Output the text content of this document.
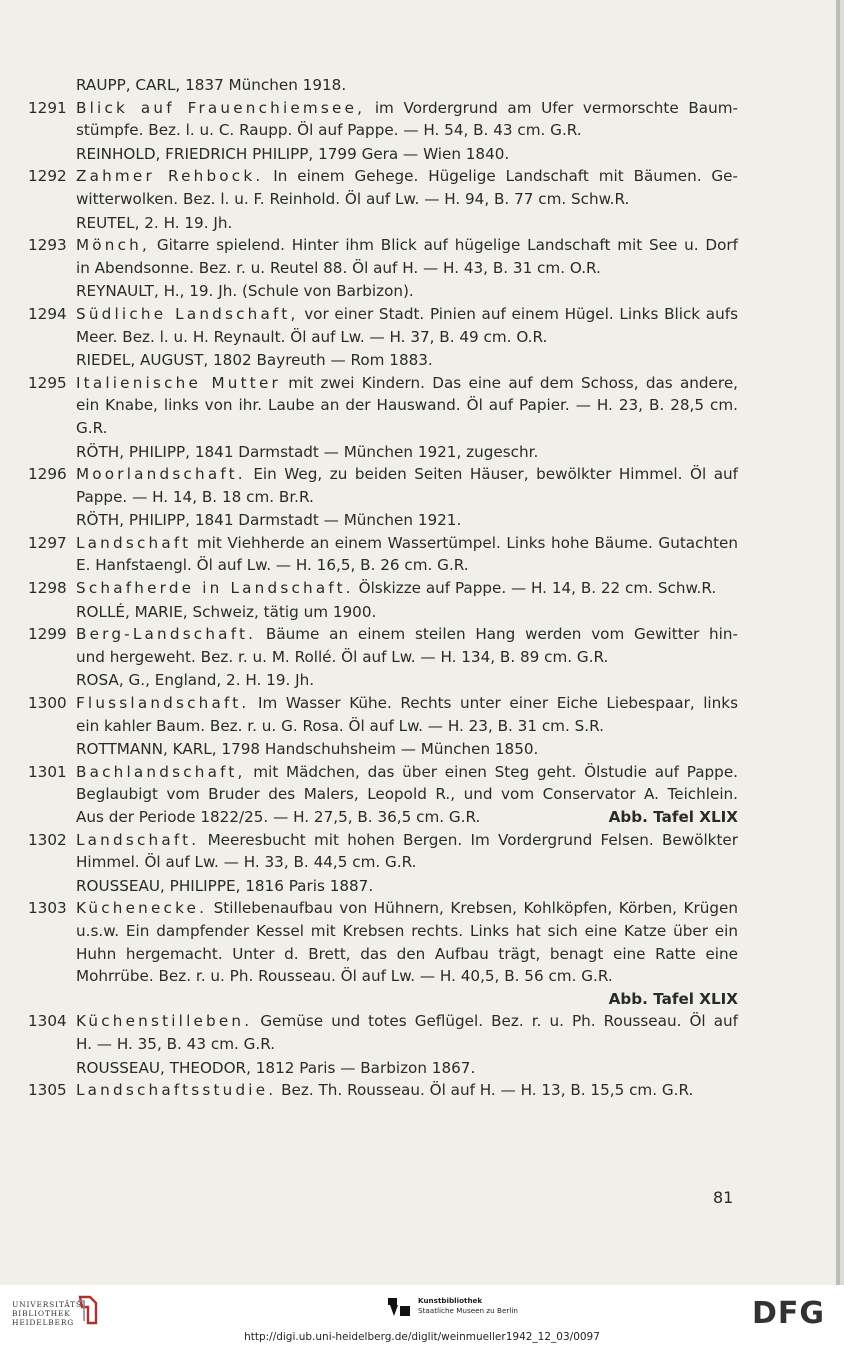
RAUPP, CARL, 1837 München 1918.
1291 Blick auf Frauenchiemsee, im Vordergrund am Ufer vermorschte Baum-
stümpfe. Bez. l. u. C. Raupp. Öl auf Pappe. — H. 54, B. 43 cm. G.R.
REINHOLD, FRIEDRICH PHILIPP, 1799 Gera — Wien 1840.
1292 Zahmer Rehbock. In einem Gehege. Hügelige Landschaft mit Bäumen. Ge-
witterwolken. Bez. l. u. F. Reinhold. Öl auf Lw. — H. 94, B. 77 cm. Schw.R.
REUTEL, 2. H. 19. Jh.
1293 Mönch, Gitarre spielend. Hinter ihm Blick auf hügelige Landschaft mit See u. Dorf
in Abendsonne. Bez. r. u. Reutel 88. Öl auf H. — H. 43, B. 31 cm. O.R.
REYNAULT, H., 19. Jh. (Schule von Barbizon).
1294 Südliche Landschaft, vor einer Stadt. Pinien auf einem Hügel. Links Blick aufs
Meer. Bez. l. u. H. Reynault. Öl auf Lw. — H. 37, B. 49 cm. O.R.
RIEDEL, AUGUST, 1802 Bayreuth — Rom 1883.
1295 Italienische Mutter mit zwei Kindern. Das eine auf dem Schoss, das andere,
ein Knabe, links von ihr. Laube an der Hauswand. Öl auf Papier. — H. 23, B. 28,5 cm.
G.R.
RÖTH, PHILIPP, 1841 Darmstadt — München 1921, zugeschr.
1296 Moorlandschaft. Ein Weg, zu beiden Seiten Häuser, bewölkter Himmel. Öl auf
Pappe. — H. 14, B. 18 cm. Br.R.
RÖTH, PHILIPP, 1841 Darmstadt — München 1921.
1297 Landschaft mit Viehherde an einem Wassertümpel. Links hohe Bäume. Gutachten
E. Hanfstaengl. Öl auf Lw. — H. 16,5, B. 26 cm. G.R.
1298 Schafherde in Landschaft. Ölskizze auf Pappe. — H. 14, B. 22 cm. Schw.R.
ROLLÉ, MARIE, Schweiz, tätig um 1900.
1299 Berg-Landschaft. Bäume an einem steilen Hang werden vom Gewitter hin-
und hergeweht. Bez. r. u. M. Rollé. Öl auf Lw. — H. 134, B. 89 cm. G.R.
ROSA, G., England, 2. H. 19. Jh.
1300 Flusslandschaft. Im Wasser Kühe. Rechts unter einer Eiche Liebespaar, links
ein kahler Baum. Bez. r. u. G. Rosa. Öl auf Lw. — H. 23, B. 31 cm. S.R.
ROTTMANN, KARL, 1798 Handschuhsheim — München 1850.
1301 Bachlandschaft, mit Mädchen, das über einen Steg geht. Ölstudie auf Pappe.
Beglaubigt vom Bruder des Malers, Leopold R., und vom Conservator A. Teichlein.
Aus der Periode 1822/25. — H. 27,5, B. 36,5 cm. G.R.	Abb. Tafel XLIX
1302 Landschaft. Meeresbucht mit hohen Bergen. Im Vordergrund Felsen. Bewölkter
Himmel. Öl auf Lw. — H. 33, B. 44,5 cm. G.R.
ROUSSEAU, PHILIPPE, 1816 Paris 1887.
1303 Küchenecke. Stillebenaufbau von Hühnern, Krebsen, Kohlköpfen, Körben, Krügen
u.s.w. Ein dampfender Kessel mit Krebsen rechts. Links hat sich eine Katze über ein
Huhn hergemacht. Unter d. Brett, das den Aufbau trägt, benagt eine Ratte eine
Mohrrübe. Bez. r. u. Ph. Rousseau. Öl auf Lw. — H. 40,5, B. 56 cm. G.R.
Abb. Tafel XLIX
1304 Küchenstilleben. Gemüse und totes Geflügel. Bez. r. u. Ph. Rousseau. Öl auf
H. — H. 35, B. 43 cm. G.R.
ROUSSEAU, THEODOR, 1812 Paris — Barbizon 1867.
1305 Landschaftsstudie. Bez. Th. Rousseau. Öl auf H. — H. 13, B. 15,5 cm. G.R.
81
UNIVERSITÄTS-
BIBLIOTHEK
HEIDELBERG
Kunstbibliothek
Staatliche Museen zu Berlin	DFG
http://digi.ub.uni-heidelberg.de/diglit/weinmueller1942_12_03/0097
